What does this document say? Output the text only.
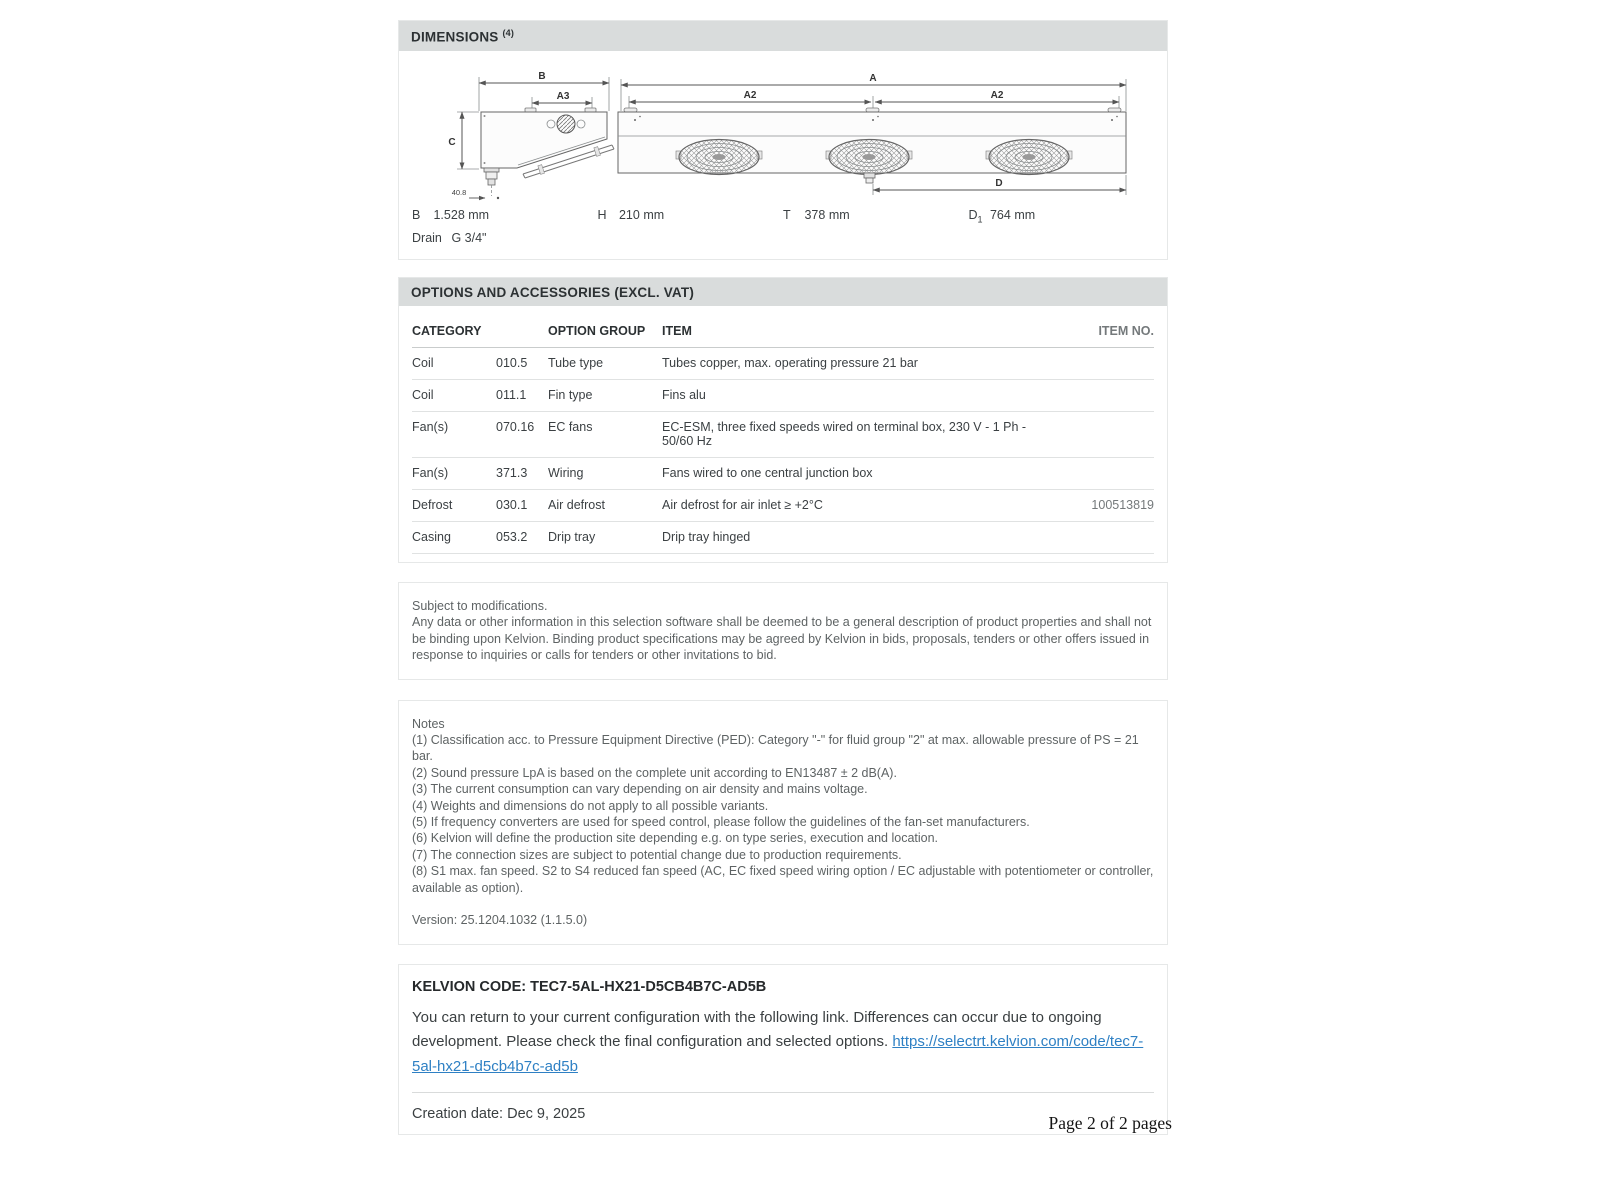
DIMENSIONS $^{(4)}$
B
A3
C
40.8
A
A2	A2
D
B 1.528 mm	H 210 mm	T 378 mm	$D_1$ 764 mm
Drain G 3/4"
OPTIONS AND ACCESSORIES (EXCL. VAT)
CATEGORY	OPTION GROUP	ITEM	ITEM NO.
Coil	010.5	Tube type	Tubes copper, max. operating pressure 21 bar
Coil	011.1	Fin type	Fins alu
Fan(s)	070.16	EC fans	EC-ESM, three fixed speeds wired on terminal box, 230 V - 1 Ph - 50/60 Hz
Fan(s)	371.3	Wiring	Fans wired to one central junction box
Defrost	030.1	Air defrost	Air defrost for air inlet ≥ +2°C	100513819
Casing	053.2	Drip tray	Drip tray hinged
Subject to modifications.
Any data or other information in this selection software shall be deemed to be a general description of product properties and shall not be binding upon Kelvion. Binding product specifications may be agreed by Kelvion in bids, proposals, tenders or other offers issued in response to inquiries or calls for tenders or other invitations to bid.
Notes
(1) Classification acc. to Pressure Equipment Directive (PED): Category "-" for fluid group "2" at max. allowable pressure of PS = 21 bar.
(2) Sound pressure LpA is based on the complete unit according to EN13487 ± 2 dB(A).
(3) The current consumption can vary depending on air density and mains voltage.
(4) Weights and dimensions do not apply to all possible variants.
(5) If frequency converters are used for speed control, please follow the guidelines of the fan-set manufacturers.
(6) Kelvion will define the production site depending e.g. on type series, execution and location.
(7) The connection sizes are subject to potential change due to production requirements.
(8) S1 max. fan speed. S2 to S4 reduced fan speed (AC, EC fixed speed wiring option / EC adjustable with potentiometer or controller, available as option).
Version: 25.1204.1032 (1.1.5.0)
KELVION CODE: TEC7-5AL-HX21-D5CB4B7C-AD5B

You can return to your current configuration with the following link. Differences can occur due to ongoing development. Please check the final configuration and selected options. https://selectrt.kelvion.com/code/tec7-5al-hx21-d5cb4b7c-ad5b

Creation date: Dec 9, 2025	Page 2 of 2 pages
